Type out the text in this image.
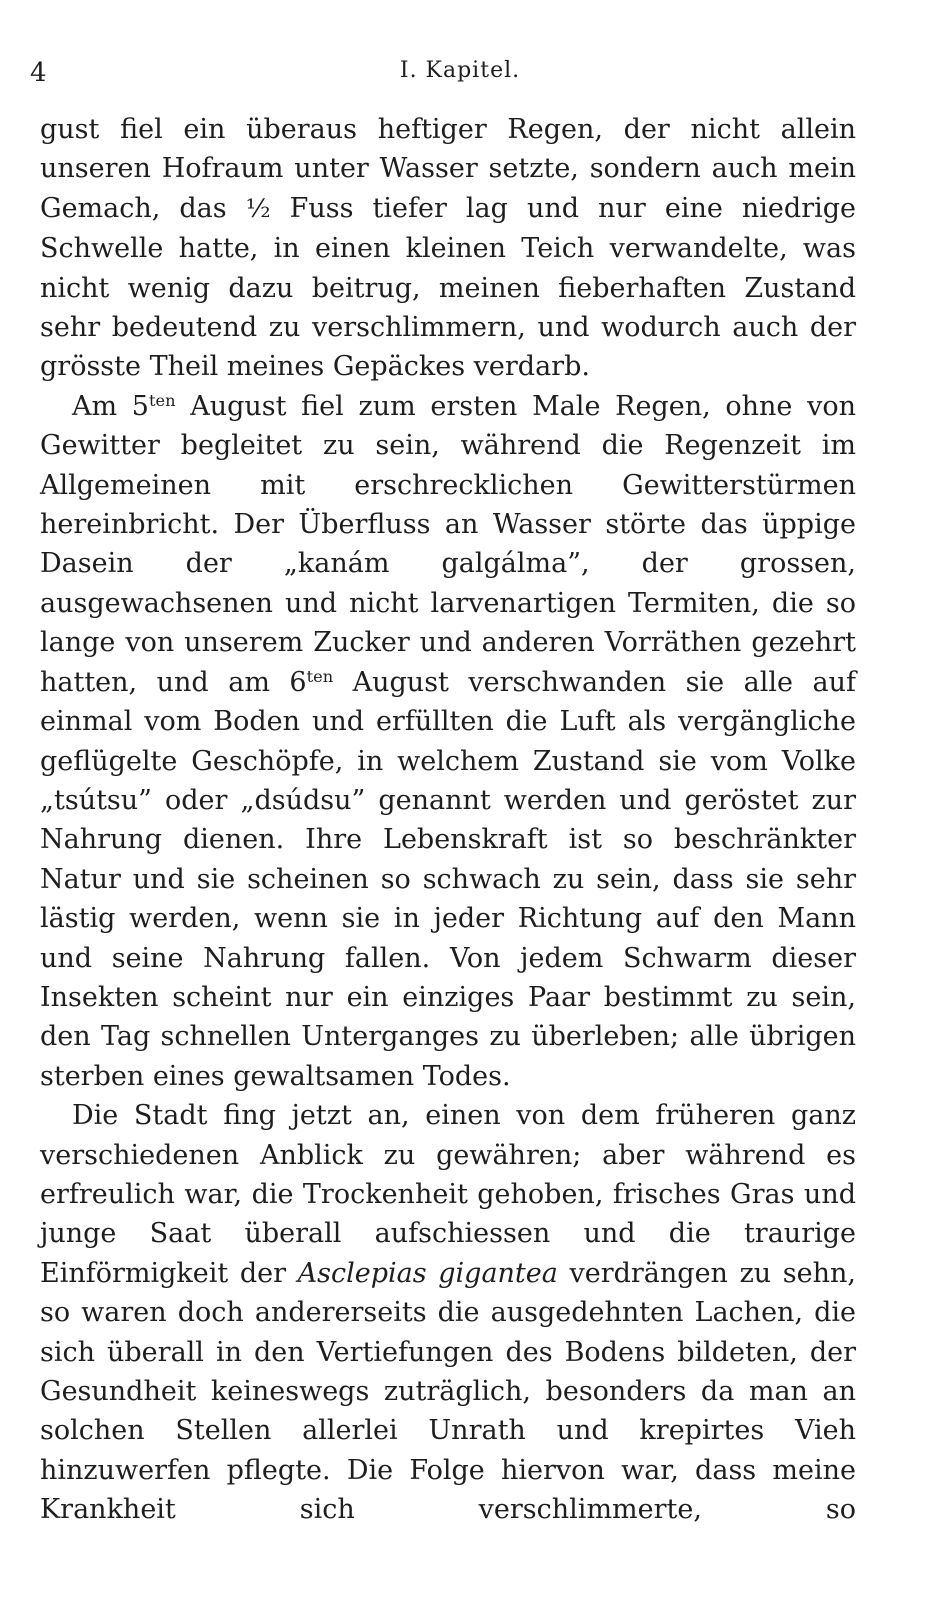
4	I. Kapitel.

gust fiel ein überaus heftiger Regen, der nicht allein unseren Hofraum unter Wasser setzte, sondern auch mein Gemach, das ½ Fuss tiefer lag und nur eine niedrige Schwelle hatte, in einen kleinen Teich verwandelte, was nicht wenig dazu beitrug, meinen fieberhaften Zustand sehr bedeutend zu verschlimmern, und wodurch auch der grösste Theil meines Gepäckes verdarb.

Am $5^{ten}$ August fiel zum ersten Male Regen, ohne von Gewitter begleitet zu sein, während die Regenzeit im Allgemeinen mit erschrecklichen Gewitterstürmen hereinbricht. Der Überfluss an Wasser störte das üppige Dasein der „kanám galgálma”, der grossen, ausgewachsenen und nicht larvenartigen Termiten, die so lange von unserem Zucker und anderen Vorräthen gezehrt hatten, und am $6^{ten}$ August verschwanden sie alle auf einmal vom Boden und erfüllten die Luft als vergängliche geflügelte Geschöpfe, in welchem Zustand sie vom Volke „tsútsu” oder „dsúdsu” genannt werden und geröstet zur Nahrung dienen. Ihre Lebenskraft ist so beschränkter Natur und sie scheinen so schwach zu sein, dass sie sehr lästig werden, wenn sie in jeder Richtung auf den Mann und seine Nahrung fallen. Von jedem Schwarm dieser Insekten scheint nur ein einziges Paar bestimmt zu sein, den Tag schnellen Unterganges zu überleben; alle übrigen sterben eines gewaltsamen Todes.

Die Stadt fing jetzt an, einen von dem früheren ganz verschiedenen Anblick zu gewähren; aber während es erfreulich war, die Trockenheit gehoben, frisches Gras und junge Saat überall aufschiessen und die traurige Einförmigkeit der Asclepias gigantea verdrängen zu sehn, so waren doch andererseits die ausgedehnten Lachen, die sich überall in den Vertiefungen des Bodens bildeten, der Gesundheit keineswegs zuträglich, besonders da man an solchen Stellen allerlei Unrath und krepirtes Vieh hinzuwerfen pflegte. Die Folge hiervon war, dass meine Krankheit sich verschlimmerte, so
